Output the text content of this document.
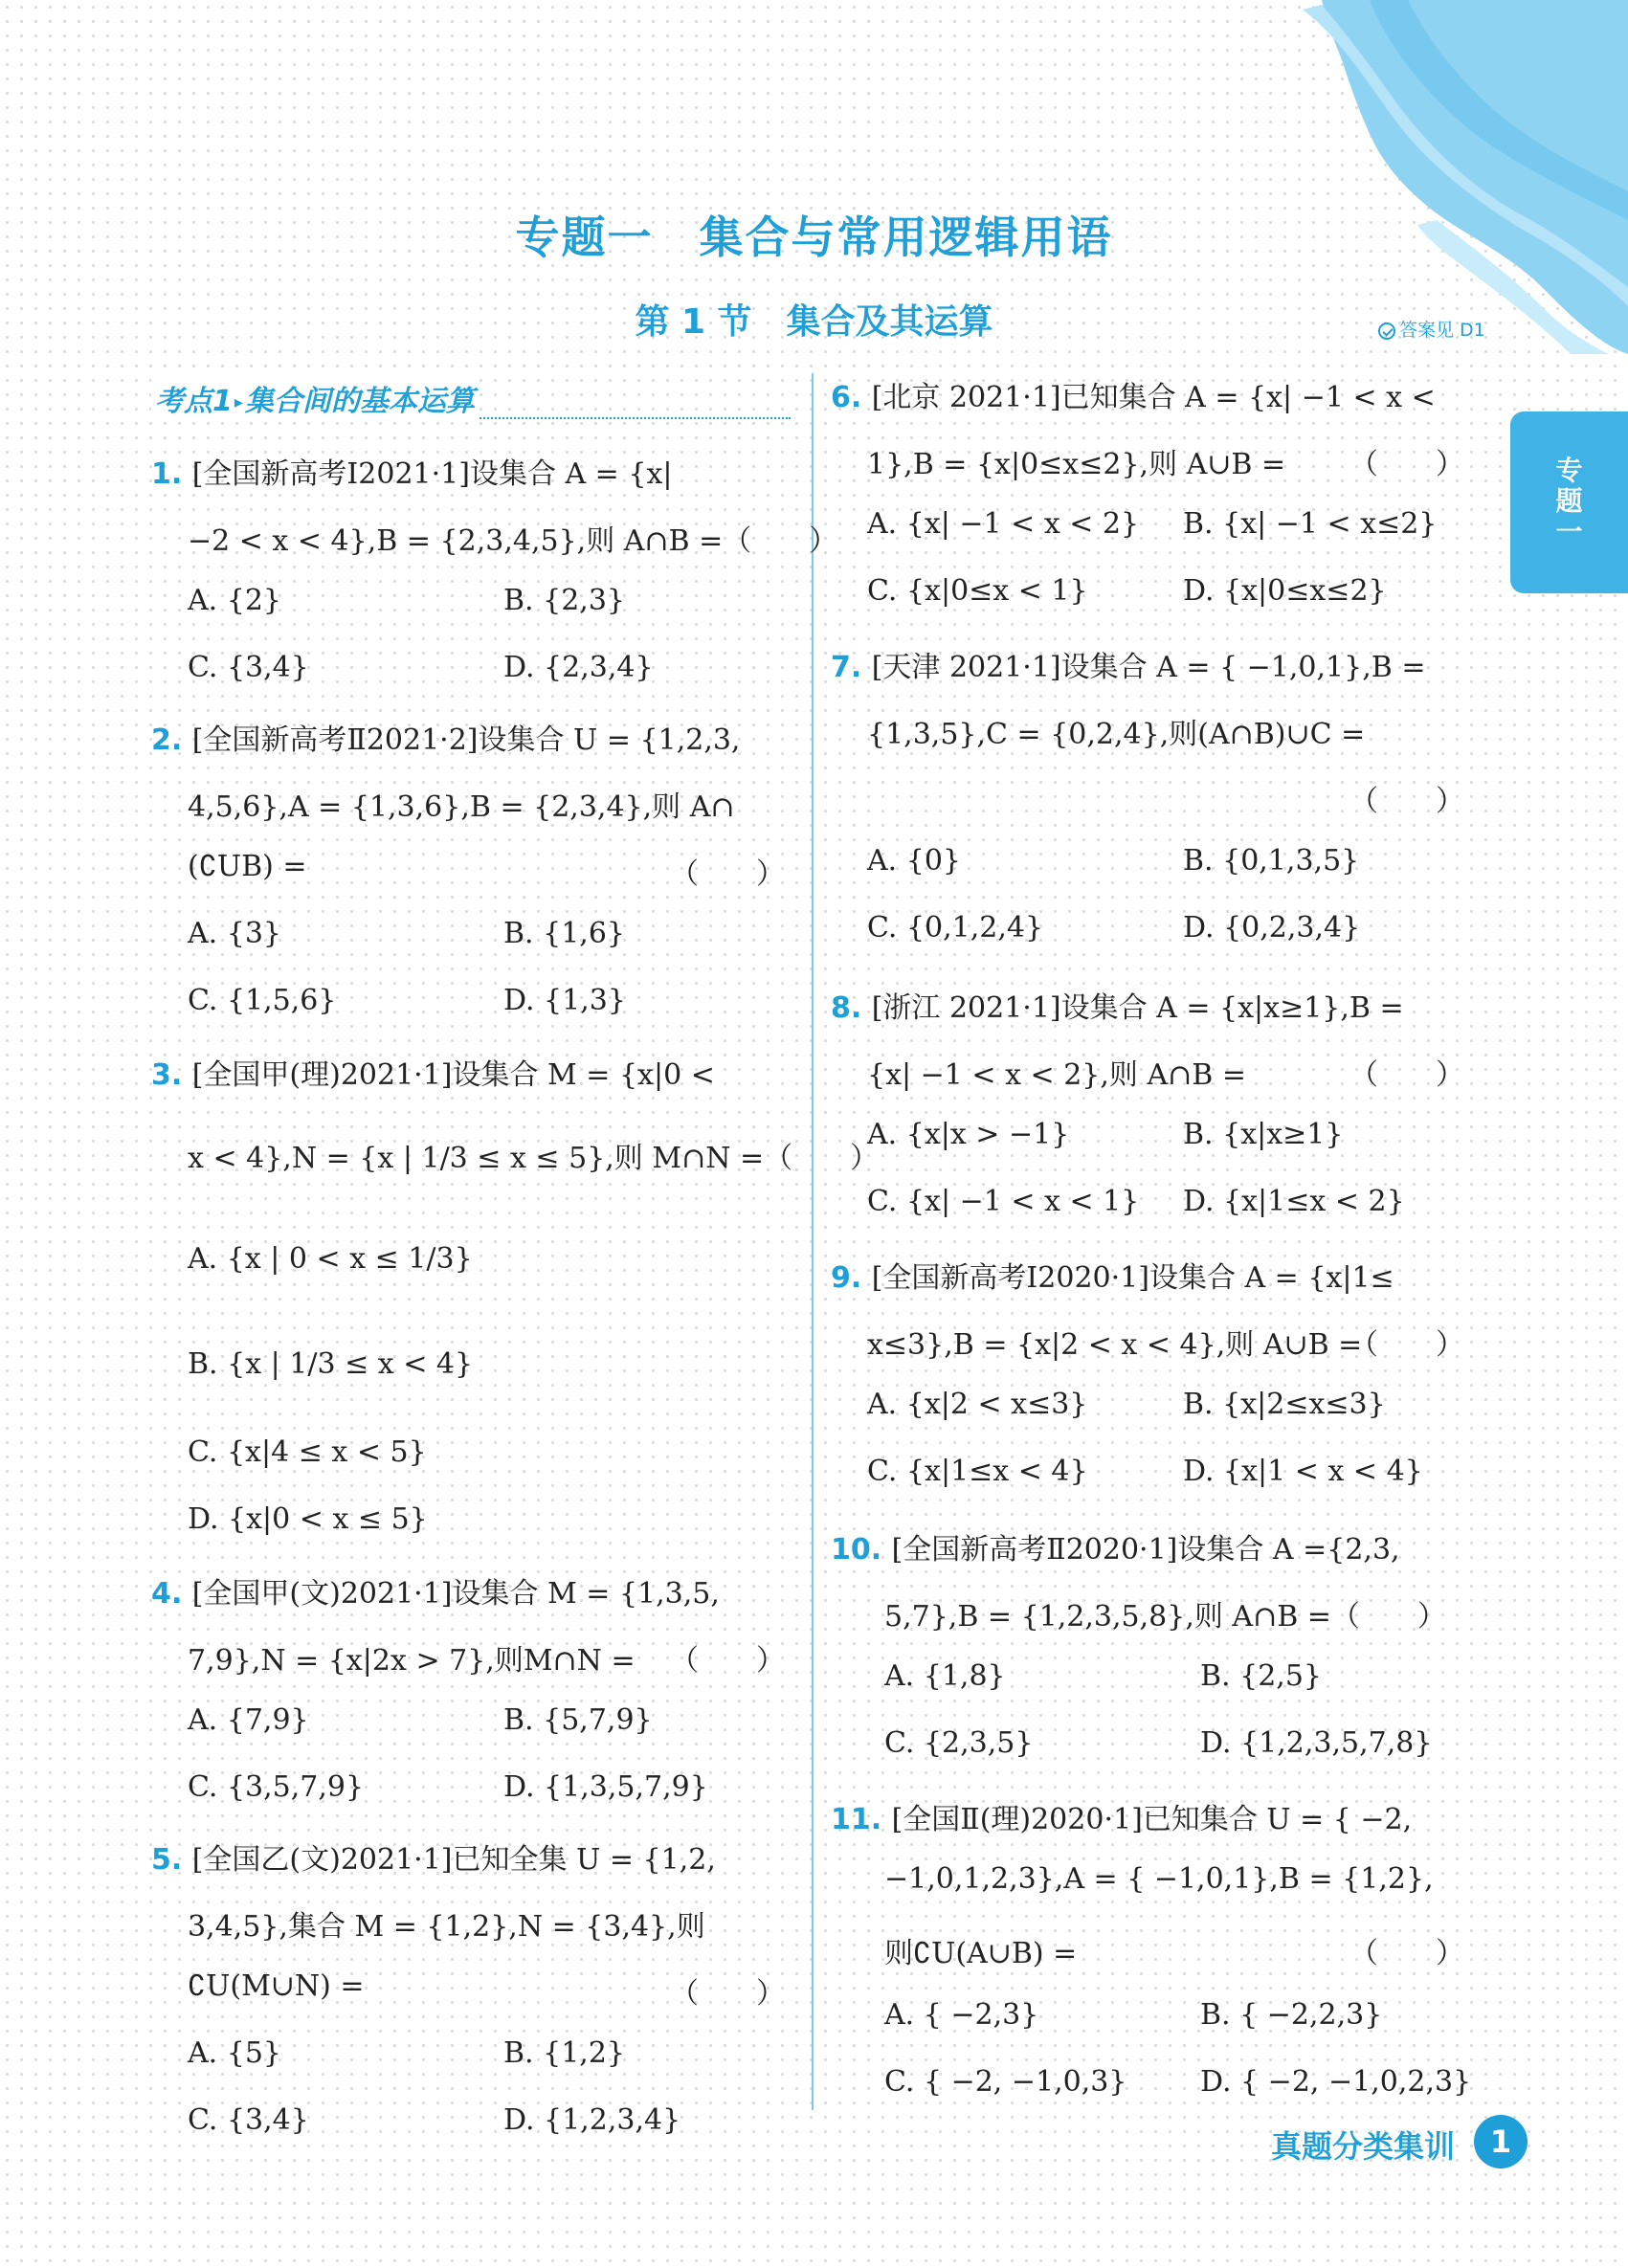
专题一　集合与常用逻辑用语
第 1 节　集合及其运算	答案见 D1
专
题
一
考点1 ▸集合间的基本运算
1. [全国新高考Ⅰ2021·1]设集合 A = {x|
−2 < x < 4},B = {2,3,4,5},则 A∩B =（　　）
A. {2}	B. {2,3}
C. {3,4}	D. {2,3,4}
2. [全国新高考Ⅱ2021·2]设集合 U = {1,2,3,
4,5,6},A = {1,3,6},B = {2,3,4},则 A∩
(∁UB) =	（　　）
A. {3}	B. {1,6}
C. {1,5,6}	D. {1,3}
3. [全国甲(理)2021·1]设集合 M = {x|0 <
x < 4},N = {x | 1/3 ≤ x ≤ 5},则 M∩N =（　　）
A. {x | 0 < x ≤ 1/3}
B. {x | 1/3 ≤ x < 4}
C. {x|4 ≤ x < 5}
D. {x|0 < x ≤ 5}
4. [全国甲(文)2021·1]设集合 M = {1,3,5,
7,9},N = {x|2x > 7},则M∩N = （　　）
A. {7,9}	B. {5,7,9}
C. {3,5,7,9}	D. {1,3,5,7,9}
5. [全国乙(文)2021·1]已知全集 U = {1,2,
3,4,5},集合 M = {1,2},N = {3,4},则
∁U(M∪N) =	（　　）
A. {5}	B. {1,2}
C. {3,4}	D. {1,2,3,4}
6. [北京 2021·1]已知集合 A = {x| −1 < x <
1},B = {x|0≤x≤2},则 A∪B = （　　）
A. {x| −1 < x < 2} B. {x| −1 < x≤2}
C. {x|0≤x < 1}	D. {x|0≤x≤2}
7. [天津 2021·1]设集合 A = { −1,0,1},B =
{1,3,5},C = {0,2,4},则(A∩B)∪C =
（　　）
A. {0}	B. {0,1,3,5}
C. {0,1,2,4}	D. {0,2,3,4}
8. [浙江 2021·1]设集合 A = {x|x≥1},B =
{x| −1 < x < 2},则 A∩B =	（　　）
A. {x|x > −1}	B. {x|x≥1}
C. {x| −1 < x < 1} D. {x|1≤x < 2}
9. [全国新高考Ⅰ2020·1]设集合 A = {x|1≤
x≤3},B = {x|2 < x < 4},则 A∪B =
（　　）
A. {x|2 < x≤3}	B. {x|2≤x≤3}
C. {x|1≤x < 4}	D. {x|1 < x < 4}
10. [全国新高考Ⅱ2020·1]设集合 A ={2,3,
5,7},B = {1,2,3,5,8},则 A∩B =（　　）
A. {1,8}	B. {2,5}
C. {2,3,5}	D. {1,2,3,5,7,8}
11. [全国Ⅱ(理)2020·1]已知集合 U = { −2,
−1,0,1,2,3},A = { −1,0,1},B = {1,2},
则∁U(A∪B) =	（　　）
A. { −2,3}	B. { −2,2,3}
C. { −2, −1,0,3}	D. { −2, −1,0,2,3}
真题分类集训	1
